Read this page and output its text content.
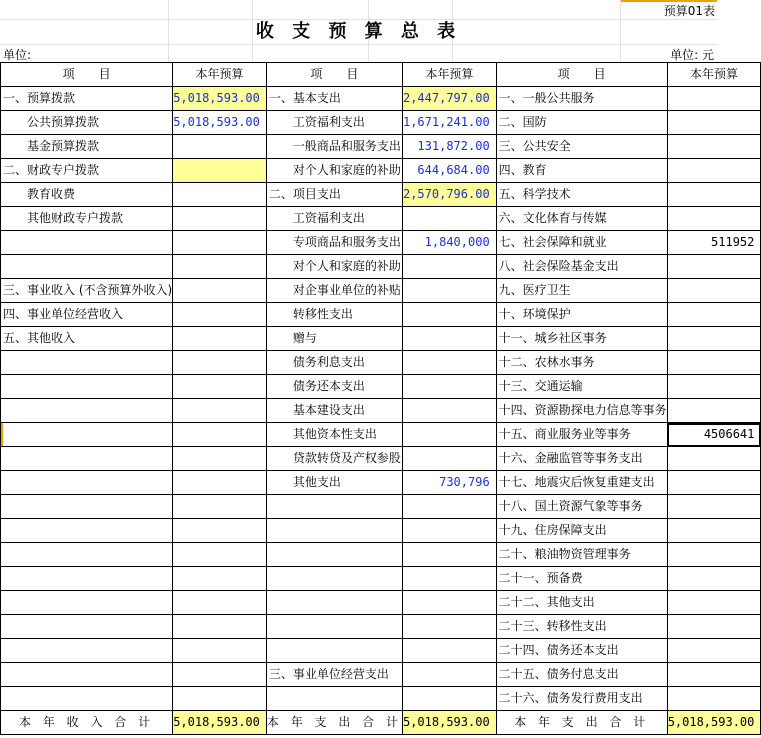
预算01表
收 支 预 算 总 表
单位:	单位: 元
项　　目	本年预算	项　　目	本年预算	项　　目	本年预算
一、预算拨款	5,018,593.00	一、基本支出	2,447,797.00	一、一般公共服务	
公共预算拨款	5,018,593.00	工资福利支出	1,671,241.00	二、国防	
基金预算拨款		一般商品和服务支出	131,872.00	三、公共安全	
二、财政专户拨款		对个人和家庭的补助	644,684.00	四、教育	
教育收费		二、项目支出	2,570,796.00	五、科学技术	
其他财政专户拨款		工资福利支出		六、文化体育与传媒	
		专项商品和服务支出	1,840,000	七、社会保障和就业	511952
		对个人和家庭的补助		八、社会保险基金支出	
三、事业收入 (不含预算外收入)		对企事业单位的补贴		九、医疗卫生	
四、事业单位经营收入		转移性支出		十、环境保护	
五、其他收入		赠与		十一、城乡社区事务	
		债务利息支出		十二、农林水事务	
		债务还本支出		十三、交通运输	
		基本建设支出		十四、资源勘探电力信息等事务	
		其他资本性支出		十五、商业服务业等事务	4506641
		贷款转贷及产权参股		十六、金融监管等事务支出	
		其他支出	730,796	十七、地震灾后恢复重建支出	
				十八、国土资源气象等事务	
				十九、住房保障支出	
				二十、粮油物资管理事务	
				二十一、预备费	
				二十二、其他支出	
				二十三、转移性支出	
				二十四、债务还本支出	
		三、事业单位经营支出		二十五、债务付息支出	
				二十六、债务发行费用支出	
本 年 收 入 合 计	5,018,593.00	本 年 支 出 合 计	5,018,593.00	本 年 支 出 合 计	5,018,593.00
